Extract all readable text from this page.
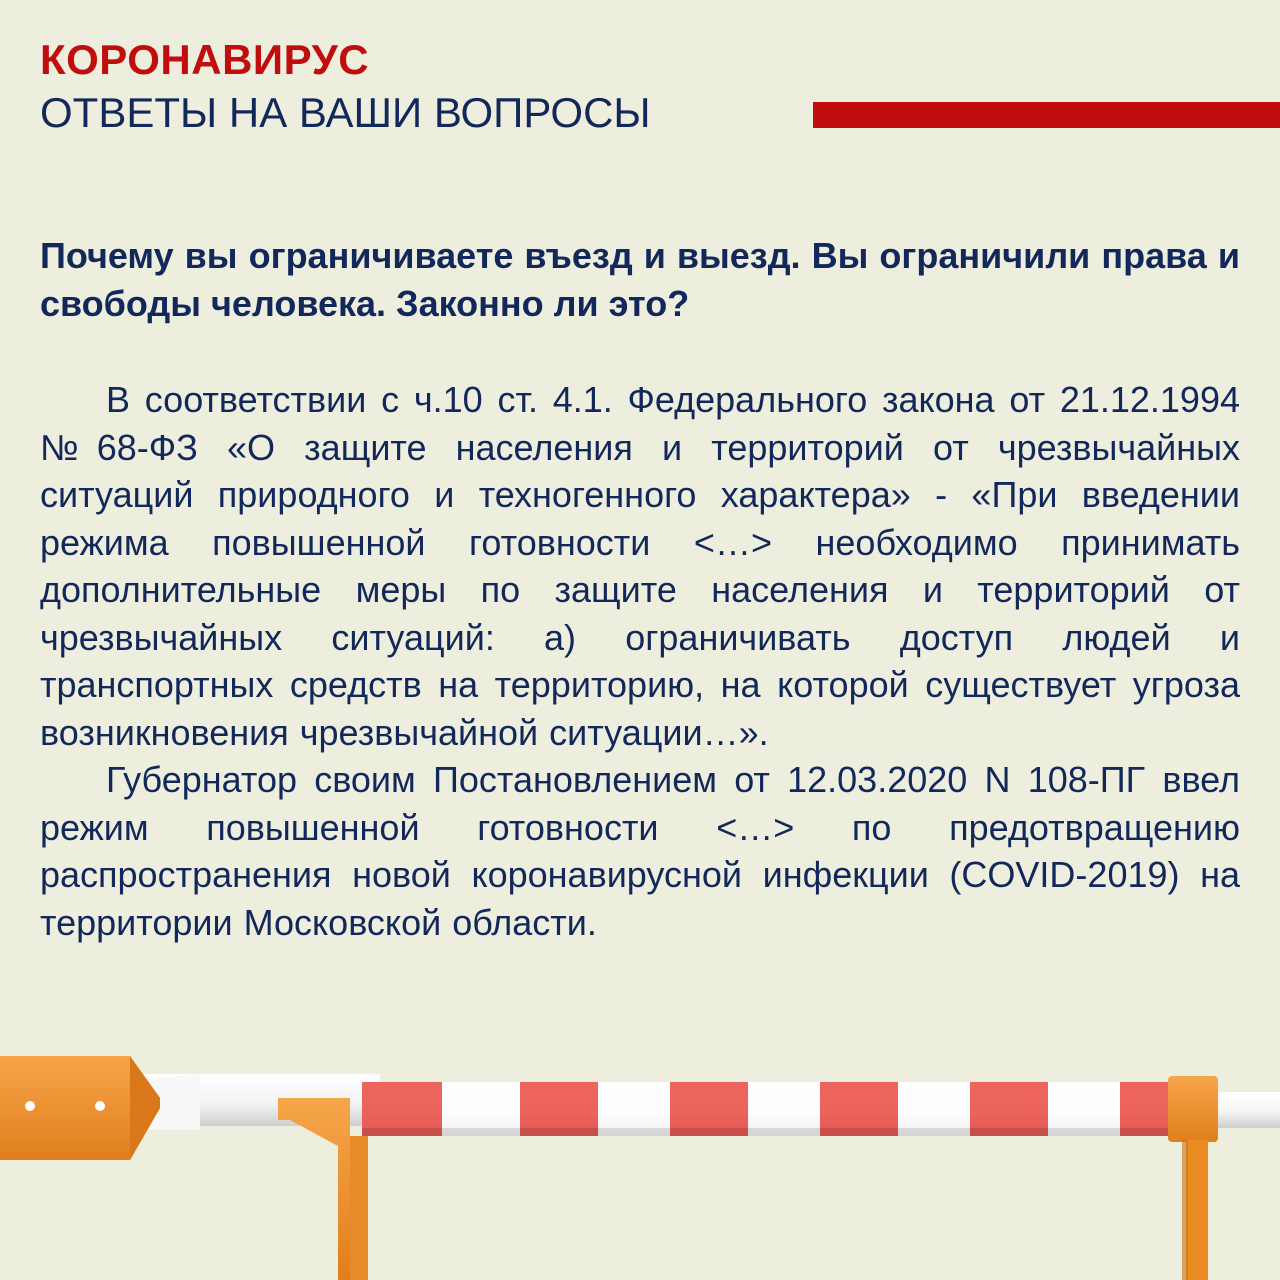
КОРОНАВИРУС
ОТВЕТЫ НА ВАШИ ВОПРОСЫ
Почему вы ограничиваете въезд и выезд. Вы ограничили права и свободы человека. Законно ли это?

В соответствии с ч.10 ст. 4.1. Федерального закона от 21.12.1994 №68-ФЗ «О защите населения и территорий от чрезвычайных ситуаций природного и техногенного характера» - «При введении режима повышенной готовности <…> необходимо принимать дополнительные меры по защите населения и территорий от чрезвычайных ситуаций: а) ограничивать доступ людей и транспортных средств на территорию, на которой существует угроза возникновения чрезвычайной ситуации…».

Губернатор своим Постановлением от 12.03.2020 N 108-ПГ ввел режим повышенной готовности <…> по предотвращению распространения новой коронавирусной инфекции (COVID-2019) на территории Московской области.
